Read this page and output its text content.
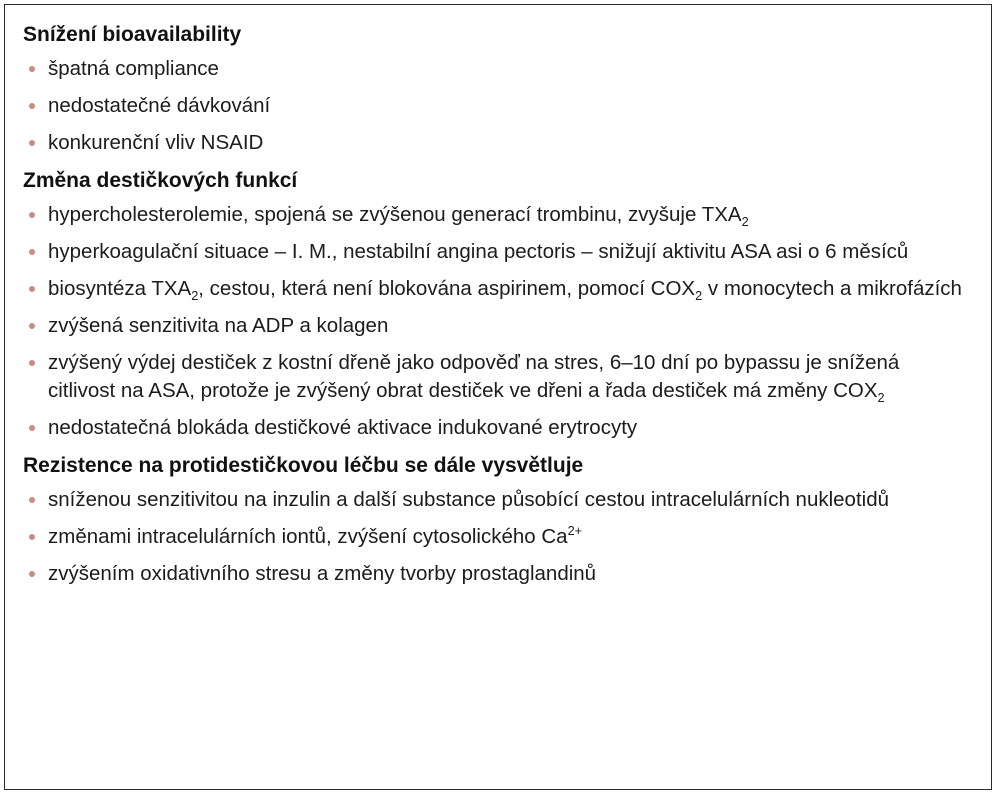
Snížení bioavailability
špatná compliance
nedostatečné dávkování
konkurenční vliv NSAID
Změna destičkových funkcí
hypercholesterolemie, spojená se zvýšenou generací trombinu, zvyšuje $TXA_2$
hyperkoagulační situace – I. M., nestabilní angina pectoris – snižují aktivitu ASA asi o 6 měsíců
biosyntéza $TXA_2$, cestou, která není blokována aspirinem, pomocí $COX_2$ v monocytech a mikrofázích
zvýšená senzitivita na ADP a kolagen
zvýšený výdej destiček z kostní dřeně jako odpověď na stres, 6–10 dní po bypassu je snížená citlivost na ASA, protože je zvýšený obrat destiček ve dřeni a řada destiček má změny $COX_2$
nedostatečná blokáda destičkové aktivace indukované erytrocyty
Rezistence na protidestičkovou léčbu se dále vysvětluje
sníženou senzitivitou na inzulin a další substance působící cestou intracelulárních nukleotidů
změnami intracelulárních iontů, zvýšení cytosolického $Ca^{2+}$
zvýšením oxidativního stresu a změny tvorby prostaglandinů
